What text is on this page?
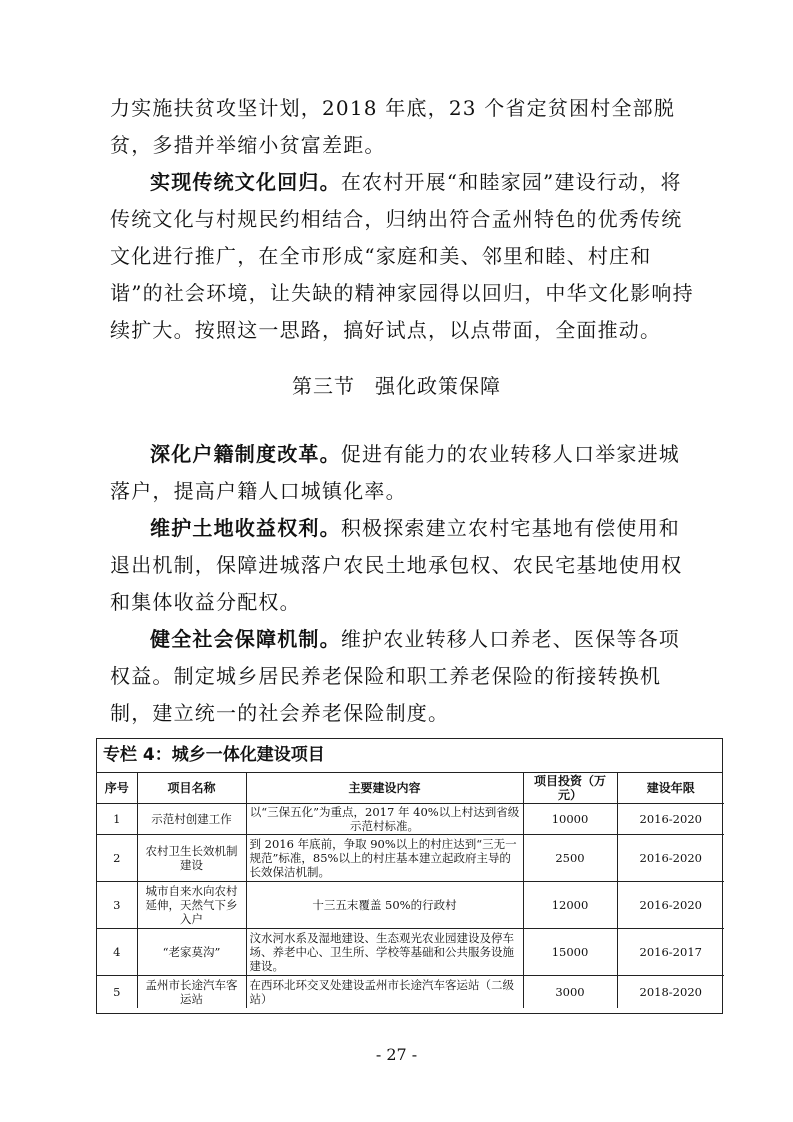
力实施扶贫攻坚计划，2018 年底，23 个省定贫困村全部脱贫，多措并举缩小贫富差距。

实现传统文化回归。在农村开展“和睦家园”建设行动，将传统文化与村规民约相结合，归纳出符合孟州特色的优秀传统文化进行推广，在全市形成“家庭和美、邻里和睦、村庄和谐”的社会环境，让失缺的精神家园得以回归，中华文化影响持续扩大。按照这一思路，搞好试点，以点带面，全面推动。

第三节 强化政策保障

深化户籍制度改革。促进有能力的农业转移人口举家进城落户，提高户籍人口城镇化率。

维护土地收益权利。积极探索建立农村宅基地有偿使用和退出机制，保障进城落户农民土地承包权、农民宅基地使用权和集体收益分配权。

健全社会保障机制。维护农业转移人口养老、医保等各项权益。制定城乡居民养老保险和职工养老保险的衔接转换机制，建立统一的社会养老保险制度。

专栏 4：城乡一体化建设项目
序号	项目名称	主要建设内容	项目投资（万元）	建设年限
1	示范村创建工作	以“三保五化”为重点，2017 年 40%以上村达到省级示范村标准。	10000	2016-2020
2	农村卫生长效机制建设	到 2016 年底前，争取 90%以上的村庄达到“三无一规范”标准，85%以上的村庄基本建立起政府主导的长效保洁机制。	2500	2016-2020
3	城市自来水向农村延伸，天然气下乡入户	十三五末覆盖 50%的行政村	12000	2016-2020
4	“老家莫沟”	汶水河水系及湿地建设、生态观光农业园建设及停车场、养老中心、卫生所、学校等基础和公共服务设施建设。	15000	2016-2017
5	孟州市长途汽车客运站	在西环北环交叉处建设孟州市长途汽车客运站（二级站）	3000	2018-2020
- 27 -
